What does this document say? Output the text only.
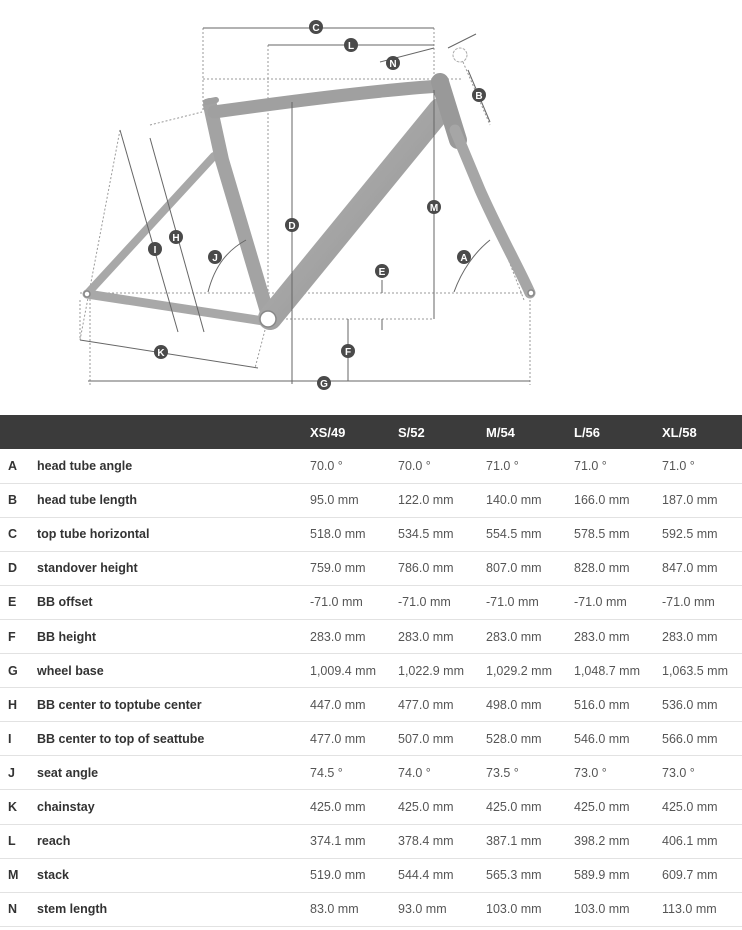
C
L
N
B
M
D
H
I
J	A
E
F
K
G
		XS/49	S/52	M/54	L/56	XL/58
A	head tube angle	70.0 °	70.0 °	71.0 °	71.0 °	71.0 °
B	head tube length	95.0 mm	122.0 mm	140.0 mm	166.0 mm	187.0 mm
C	top tube horizontal	518.0 mm	534.5 mm	554.5 mm	578.5 mm	592.5 mm
D	standover height	759.0 mm	786.0 mm	807.0 mm	828.0 mm	847.0 mm
E	BB offset	-71.0 mm	-71.0 mm	-71.0 mm	-71.0 mm	-71.0 mm
F	BB height	283.0 mm	283.0 mm	283.0 mm	283.0 mm	283.0 mm
G	wheel base	1,009.4 mm	1,022.9 mm	1,029.2 mm	1,048.7 mm	1,063.5 mm
H	BB center to toptube center	447.0 mm	477.0 mm	498.0 mm	516.0 mm	536.0 mm
I	BB center to top of seattube	477.0 mm	507.0 mm	528.0 mm	546.0 mm	566.0 mm
J	seat angle	74.5 °	74.0 °	73.5 °	73.0 °	73.0 °
K	chainstay	425.0 mm	425.0 mm	425.0 mm	425.0 mm	425.0 mm
L	reach	374.1 mm	378.4 mm	387.1 mm	398.2 mm	406.1 mm
M	stack	519.0 mm	544.4 mm	565.3 mm	589.9 mm	609.7 mm
N	stem length	83.0 mm	93.0 mm	103.0 mm	103.0 mm	113.0 mm
